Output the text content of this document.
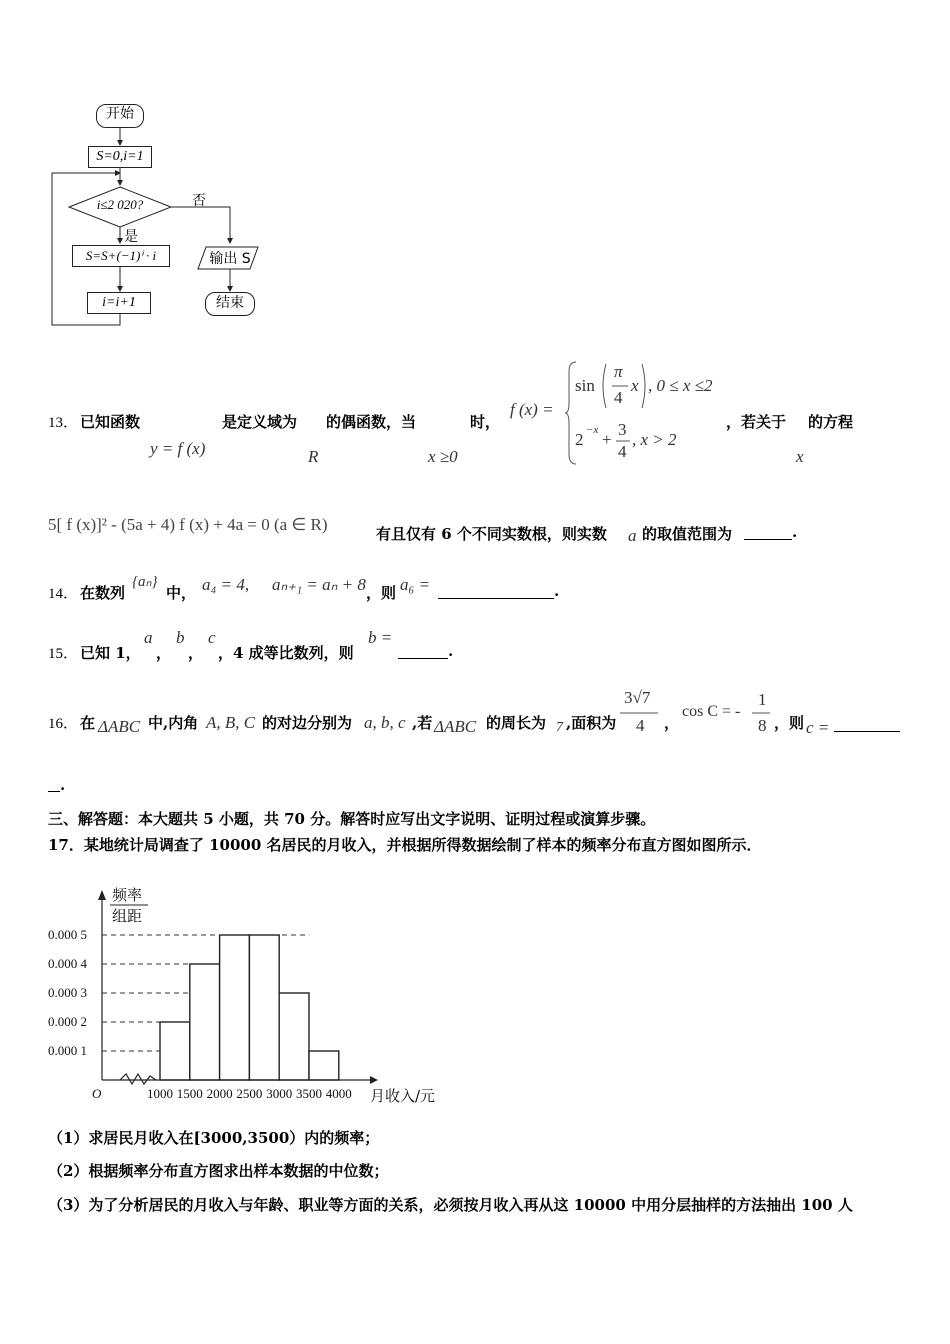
开始
S=0,i=1
i≤2 020?	否
是
S=S+(−1)ⁱ · i
i=i+1
输出 S
结束
13． 已知函数
y = f (x)
是定义域为
R
的偶函数，当
x ≥0
时，
f (x) =
sin
π
4
x , 0 ≤ x ≤2
2 −x +
3
4
, x > 2
，若关于
x
的方程
5[ f (x)]² - (5a + 4) f (x) + 4a = 0 (a ∈ R)	有且仅有 6 个不同实数根，则实数 a 的取值范围为	.
14． 在数列
{aₙ}
中， a₄ = 4, aₙ₊₁ = aₙ + 8 ，则 a₆ =	.
15． 已知 1，
a
，
b
，
c
，4 成等比数列，则
b =
.
16． 在 ΔABC 中,内角 A, B, C 的对边分别为 a, b, c ,若 ΔABC 的周长为 7 ,面积为
3√7
4 ，
cos C = -
1
8 ，则 c =
.
三、解答题：本大题共 5 小题，共 70 分。解答时应写出文字说明、证明过程或演算步骤。
17．某地统计局调查了 10000 名居民的月收入，并根据所得数据绘制了样本的频率分布直方图如图所示．
0.000 1
0.000 2
0.000 3
0.000 4
0.000 5
O	1000 1500 2000 2500 3000 3500 4000
频率
组距
月收入/元
（1）求居民月收入在[3000,3500）内的频率；
（2）根据频率分布直方图求出样本数据的中位数；
（3）为了分析居民的月收入与年龄、职业等方面的关系，必须按月收入再从这 10000 中用分层抽样的方法抽出 100 人
